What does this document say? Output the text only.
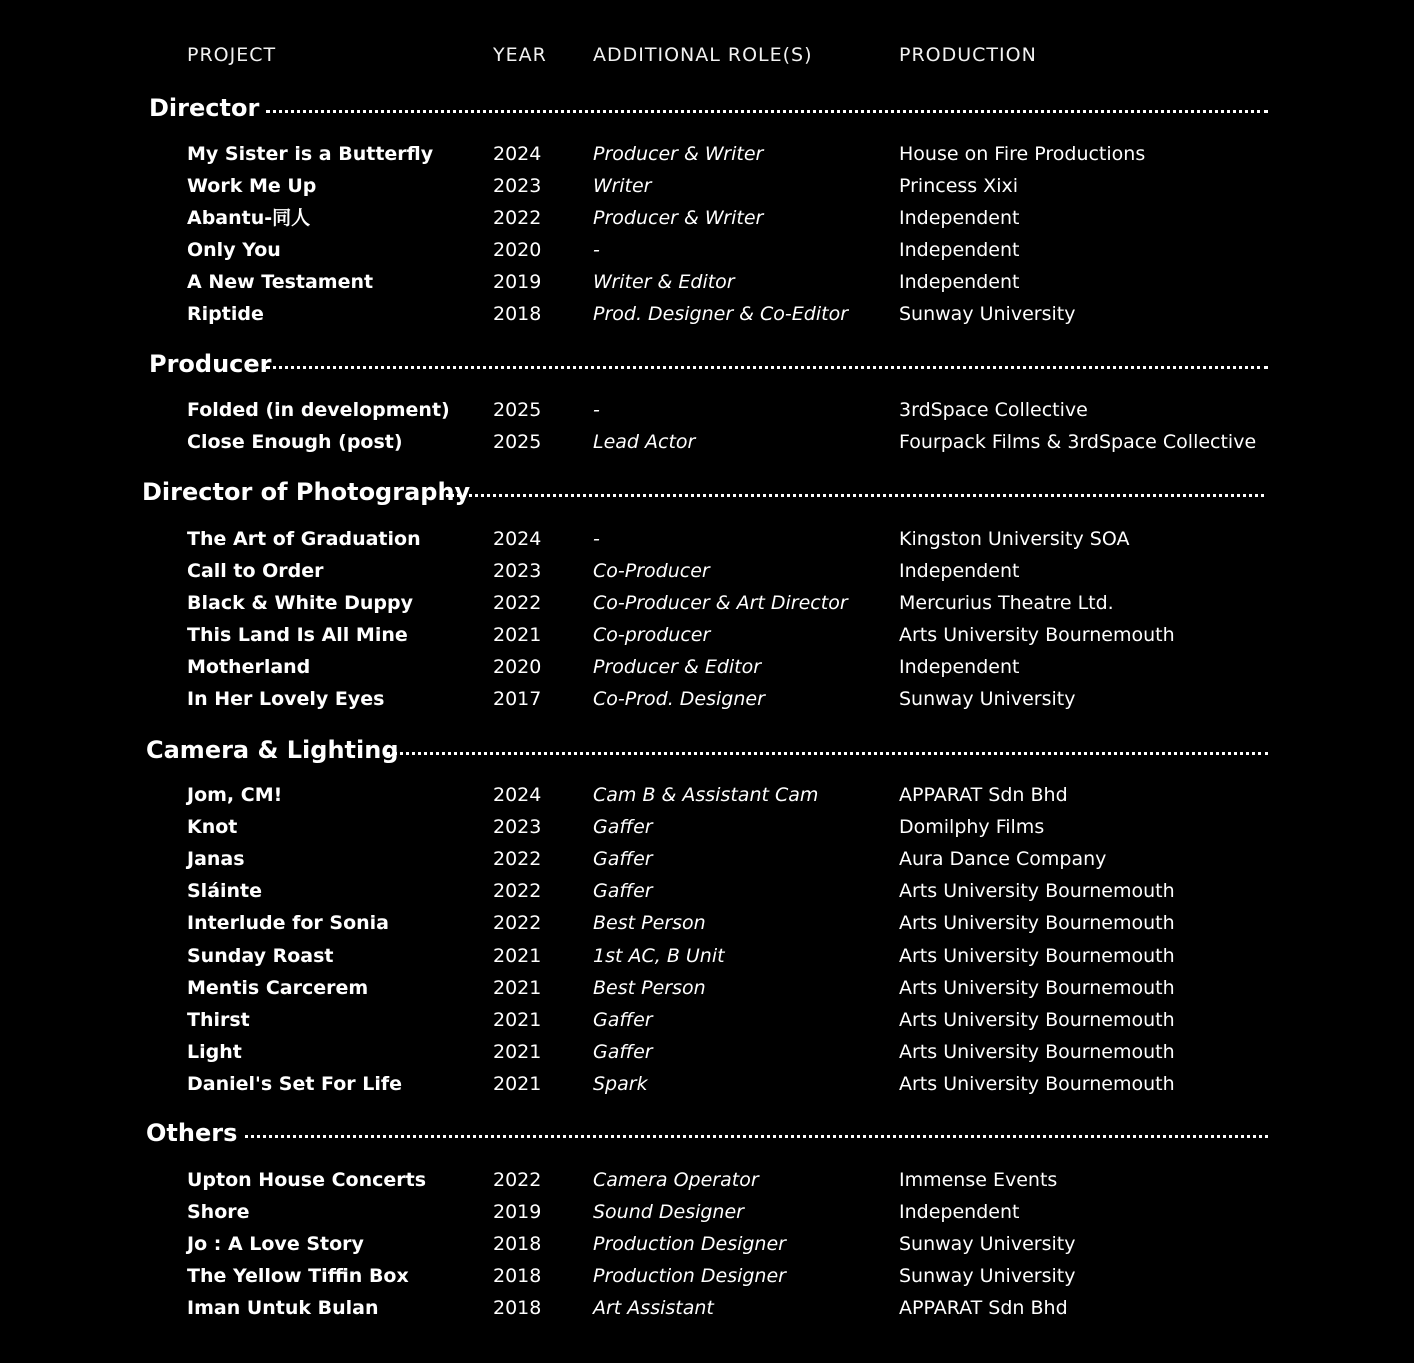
PROJECT	YEAR ADDITIONAL ROLE(S)	PRODUCTION
Director
My Sister is a Butterfly	2024	Producer & Writer	House on Fire Productions
Work Me Up	2023	Writer	Princess Xixi
Abantu-同人	2022	Producer & Writer	Independent
Only You	2020	-	Independent
A New Testament	2019	Writer & Editor	Independent
Riptide	2018	Prod. Designer & Co-Editor	Sunway University
Producer
Folded (in development) 2025	-	3rdSpace Collective
Close Enough (post)	2025	Lead Actor	Fourpack Films & 3rdSpace Collective
Director of Photography
The Art of Graduation	2024	-	Kingston University SOA
Call to Order	2023	Co-Producer	Independent
Black & White Duppy	2022	Co-Producer & Art Director	Mercurius Theatre Ltd.
This Land Is All Mine	2021	Co-producer	Arts University Bournemouth
Motherland	2020	Producer & Editor	Independent
In Her Lovely Eyes	2017	Co-Prod. Designer	Sunway University
Camera & Lighting
Jom, CM!	2024	Cam B & Assistant Cam	APPARAT Sdn Bhd
Knot	2023	Gaffer	Domilphy Films
Janas	2022	Gaffer	Aura Dance Company
Sláinte	2022	Gaffer	Arts University Bournemouth
Interlude for Sonia	2022	Best Person	Arts University Bournemouth
Sunday Roast	2021	1st AC, B Unit	Arts University Bournemouth
Mentis Carcerem	2021	Best Person	Arts University Bournemouth
Thirst	2021	Gaffer	Arts University Bournemouth
Light	2021	Gaffer	Arts University Bournemouth
Daniel's Set For Life	2021	Spark	Arts University Bournemouth
Others
Upton House Concerts	2022	Camera Operator	Immense Events
Shore	2019	Sound Designer	Independent
Jo : A Love Story	2018	Production Designer	Sunway University
The Yellow Tiffin Box	2018	Production Designer	Sunway University
Iman Untuk Bulan	2018	Art Assistant	APPARAT Sdn Bhd
